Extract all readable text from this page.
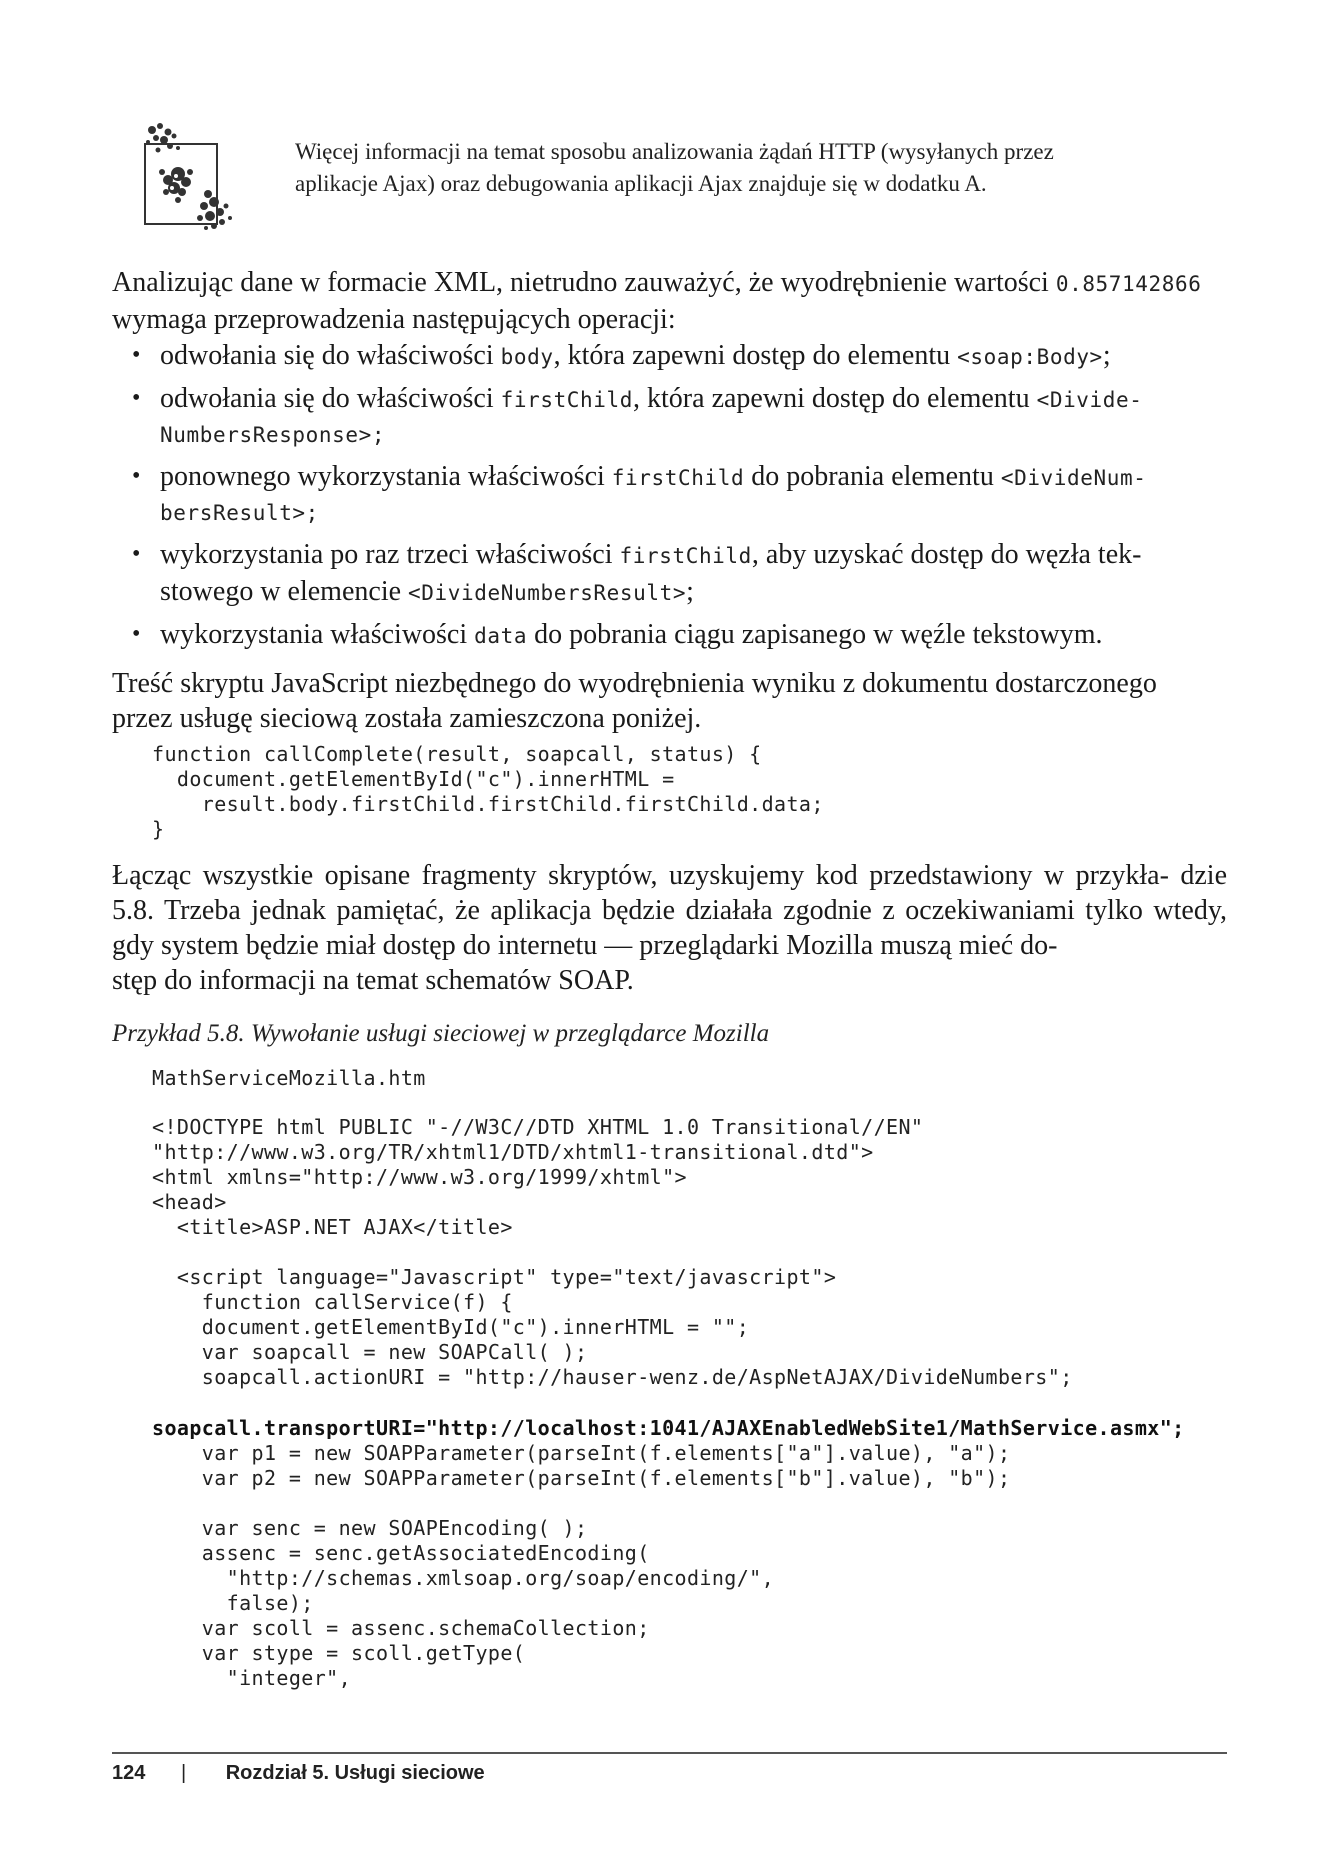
Więcej informacji na temat sposobu analizowania żądań HTTP (wysyłanych przez
aplikacje Ajax) oraz debugowania aplikacji Ajax znajduje się w dodatku A.
Analizując dane w formacie XML, nietrudno zauważyć, że wyodrębnienie wartości 0.857142866
wymaga przeprowadzenia następujących operacji:
• odwołania się do właściwości body, która zapewni dostęp do elementu <soap:Body>;
• odwołania się do właściwości firstChild, która zapewni dostęp do elementu <Divide-
NumbersResponse>;
• ponownego wykorzystania właściwości firstChild do pobrania elementu <DivideNum-
bersResult>;
• wykorzystania po raz trzeci właściwości firstChild, aby uzyskać dostęp do węzła tek-
stowego w elemencie <DivideNumbersResult>;
• wykorzystania właściwości data do pobrania ciągu zapisanego w węźle tekstowym.
Treść skryptu JavaScript niezbędnego do wyodrębnienia wyniku z dokumentu dostarczonego
przez usługę sieciową została zamieszczona poniżej.
function callComplete(result, soapcall, status) {
document.getElementById("c").innerHTML =
result.body.firstChild.firstChild.firstChild.data;
}
Łącząc wszystkie opisane fragmenty skryptów, uzyskujemy kod przedstawiony w przykła- dzie 5.8. Trzeba jednak pamiętać, że aplikacja będzie działała zgodnie z oczekiwaniami tylko wtedy, gdy system będzie miał dostęp do internetu — przeglądarki Mozilla muszą mieć do-
stęp do informacji na temat schematów SOAP.
Przykład 5.8. Wywołanie usługi sieciowej w przeglądarce Mozilla
MathServiceMozilla.htm
<!DOCTYPE html PUBLIC "-//W3C//DTD XHTML 1.0 Transitional//EN"
"http://www.w3.org/TR/xhtml1/DTD/xhtml1-transitional.dtd">
<html xmlns="http://www.w3.org/1999/xhtml">
<head>
<title>ASP.NET AJAX</title>

<script language="Javascript" type="text/javascript">
function callService(f) {
document.getElementById("c").innerHTML = "";
var soapcall = new SOAPCall( );
soapcall.actionURI = "http://hauser-wenz.de/AspNetAJAX/DivideNumbers";
soapcall.transportURI="http://localhost:1041/AJAXEnabledWebSite1/MathService.asmx";
var p1 = new SOAPParameter(parseInt(f.elements["a"].value), "a");
var p2 = new SOAPParameter(parseInt(f.elements["b"].value), "b");

var senc = new SOAPEncoding( );
assenc = senc.getAssociatedEncoding(
"http://schemas.xmlsoap.org/soap/encoding/",
false);
var scoll = assenc.schemaCollection;
var stype = scoll.getType(
"integer",
124 | Rozdział 5. Usługi sieciowe
